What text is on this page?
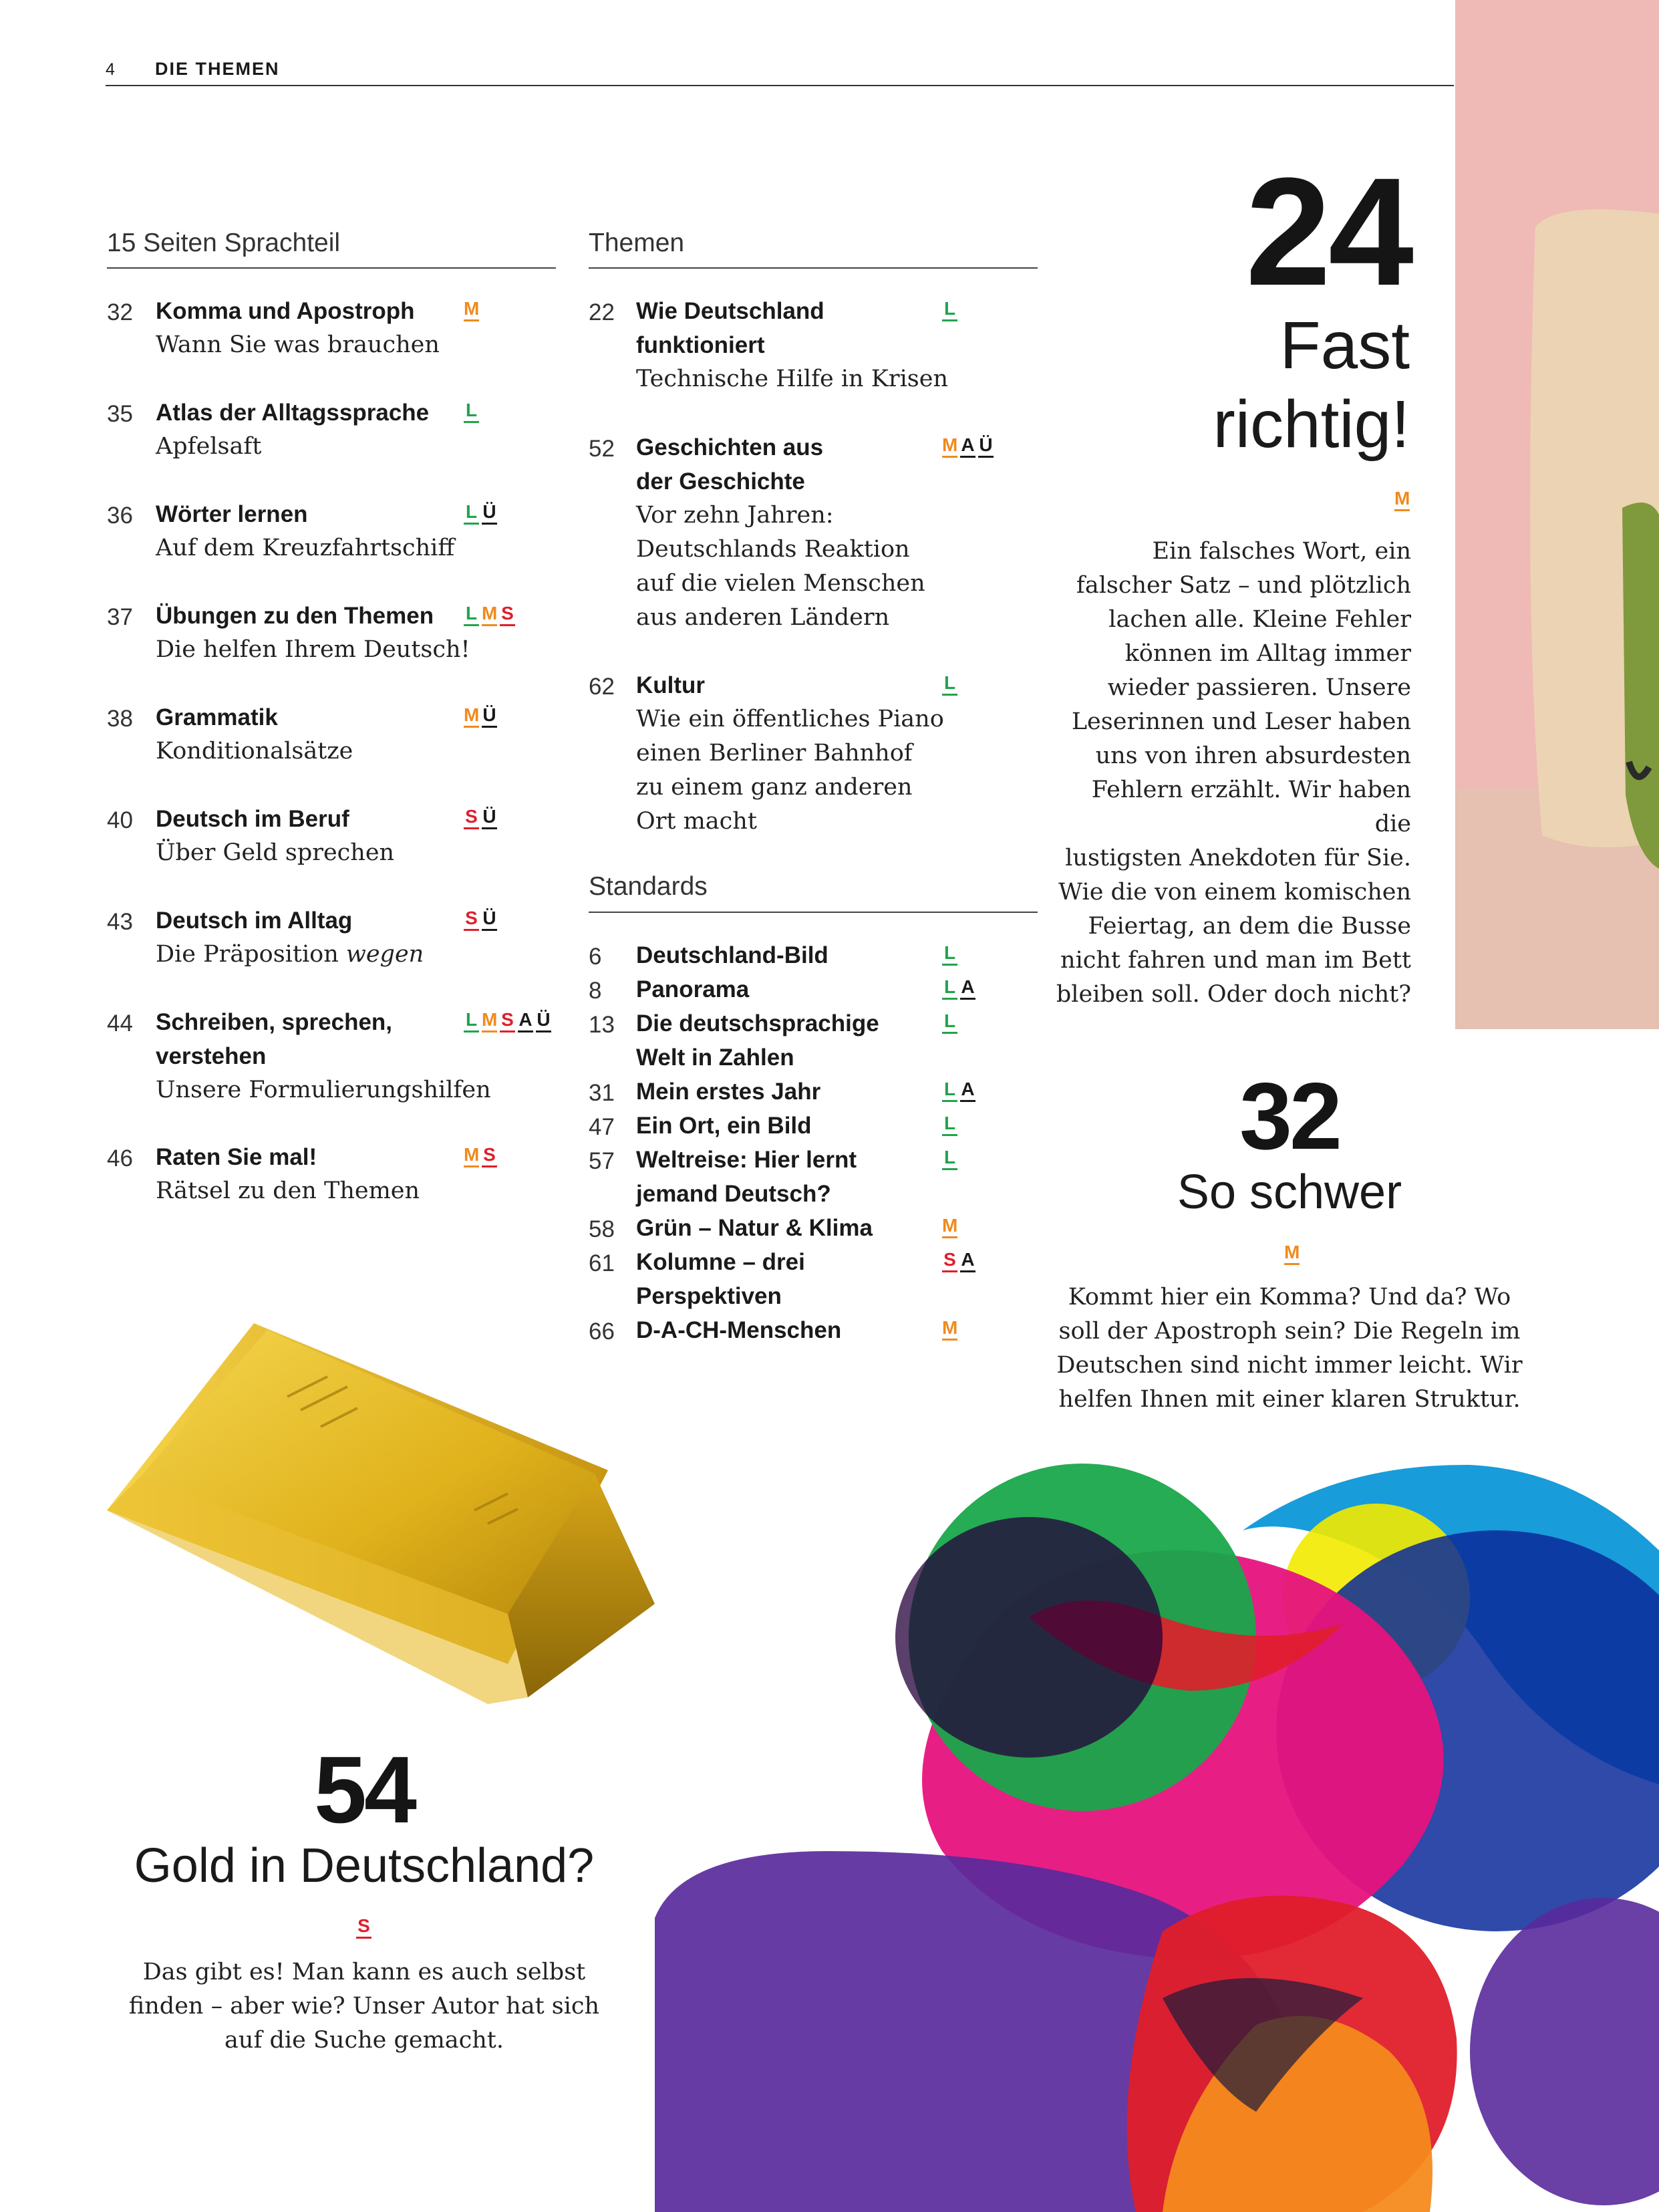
4 DIE THEMEN
15 Seiten Sprachteil
32 Komma und Apostroph
Wann Sie was brauchen
M
35 Atlas der Alltagssprache
Apfelsaft
L
36 Wörter lernen
Auf dem Kreuzfahrtschiff
L Ü
37 Übungen zu den Themen
Die helfen Ihrem Deutsch!
L M S
38 Grammatik
Konditionalsätze
M Ü
40 Deutsch im Beruf
Über Geld sprechen
S Ü
43 Deutsch im Alltag
Die Präposition wegen
S Ü
44 Schreiben, sprechen,
verstehen
Unsere Formulierungshilfen
L M S A Ü
46 Raten Sie mal!
Rätsel zu den Themen
M S
Themen
22 Wie Deutschland
funktioniert
Technische Hilfe in Krisen
L
52 Geschichten aus
der Geschichte
Vor zehn Jahren:
Deutschlands Reaktion
auf die vielen Menschen
aus anderen Ländern
M A Ü
62 Kultur
Wie ein öffentliches Piano
einen Berliner Bahnhof
zu einem ganz anderen
Ort macht
L
Standards
6 Deutschland-Bild	L
8 Panorama	L A
13 Die deutschsprachige
Welt in Zahlen
L
31 Mein erstes Jahr	L A
47 Ein Ort, ein Bild	L
57 Weltreise: Hier lernt
jemand Deutsch?
L
58 Grün – Natur & Klima	M
61 Kolumne – drei
Perspektiven
S A
66 D-A-CH-Menschen	M
24
Fast
richtig!
M
Ein falsches Wort, ein
falscher Satz – und plötzlich
lachen alle. Kleine Fehler
können im Alltag immer
wieder passieren. Unsere
Leserinnen und Leser haben
uns von ihren absurdesten
Fehlern erzählt. Wir haben die
lustigsten Anekdoten für Sie.
Wie die von einem komischen
Feiertag, an dem die Busse
nicht fahren und man im Bett
bleiben soll. Oder doch nicht?
32
So schwer
M
Kommt hier ein Komma? Und da? Wo
soll der Apostroph sein? Die Regeln im
Deutschen sind nicht immer leicht. Wir
helfen Ihnen mit einer klaren Struktur.
54
Gold in Deutschland?
S
Das gibt es! Man kann es auch selbst
finden – aber wie? Unser Autor hat sich
auf die Suche gemacht.
